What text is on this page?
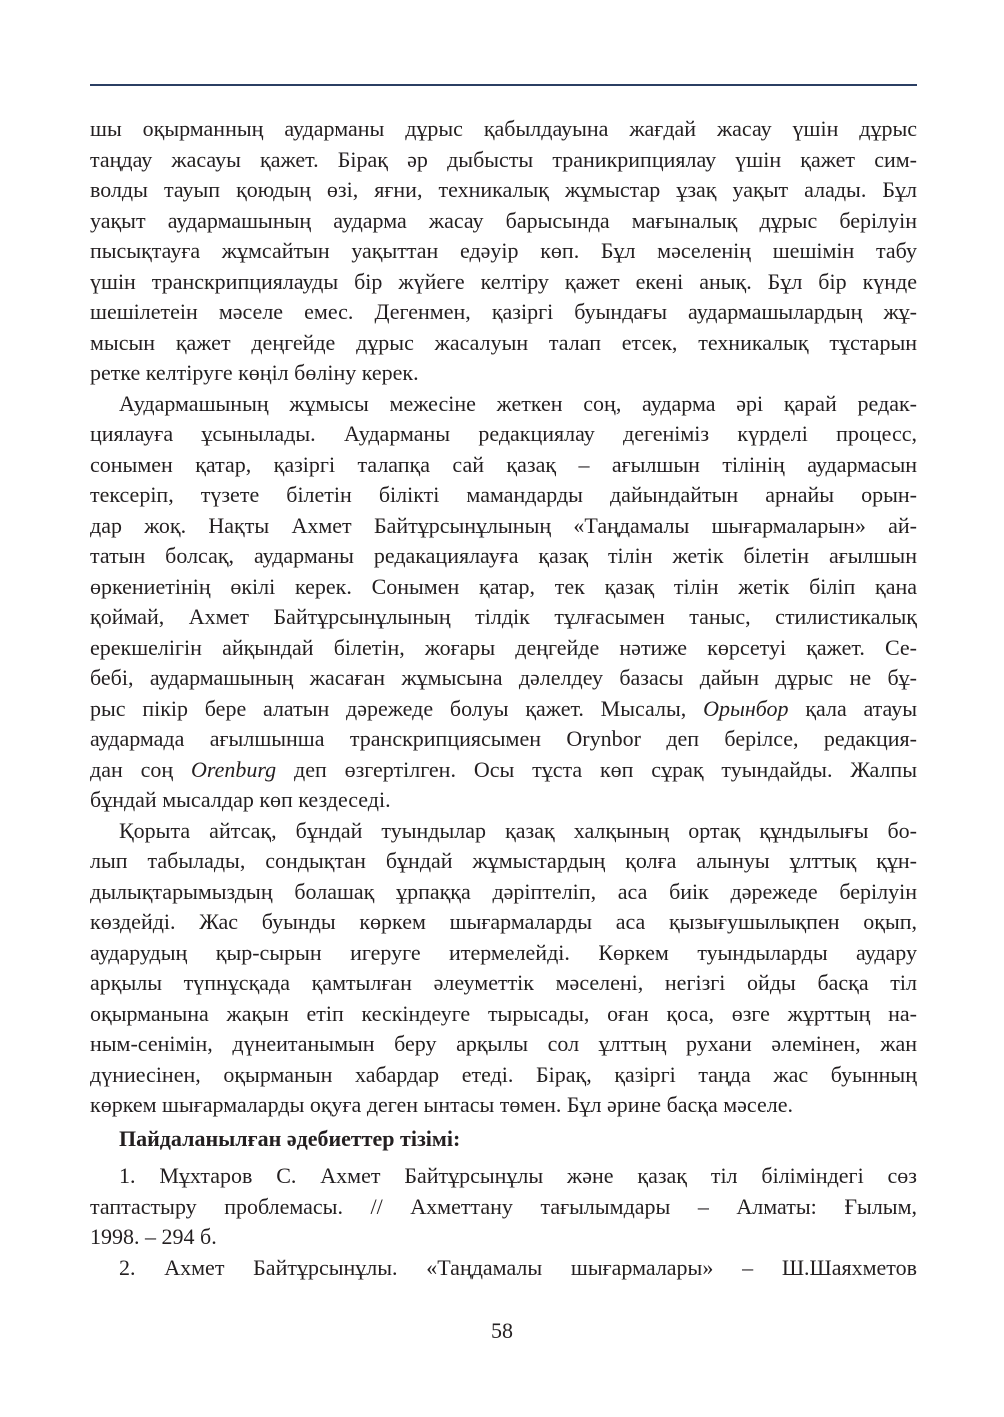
шы оқырманның аударманы дұрыс қабылдауына жағдай жасау үшін дұрыс
таңдау жасауы қажет. Бірақ әр дыбысты траникрипциялау үшін қажет сим-
волды тауып қоюдың өзі, яғни, техникалық жұмыстар ұзақ уақыт алады. Бұл
уақыт аудармашының аударма жасау барысында мағыналық дұрыс берілуін
пысықтауға жұмсайтын уақыттан едәуір көп. Бұл мәселенің шешімін табу
үшін транскрипциялауды бір жүйеге келтіру қажет екені анық. Бұл бір күнде
шешілетеін мәселе емес. Дегенмен, қазіргі буындағы аудармашылардың жұ-
мысын қажет деңгейде дұрыс жасалуын талап етсек, техникалық тұстарын
ретке келтіруге көңіл бөліну керек.

Аудармашының жұмысы межесіне жеткен соң, аударма әрі қарай редак-
циялауға ұсынылады. Аударманы редакциялау дегеніміз күрделі процесс,
сонымен қатар, қазіргі талапқа сай қазақ – ағылшын тілінің аудармасын
тексеріп, түзете білетін білікті мамандарды дайындайтын арнайы орын-
дар жоқ. Нақты Ахмет Байтұрсынұлының «Таңдамалы шығармаларын» ай-
татын болсақ, аударманы редакациялауға қазақ тілін жетік білетін ағылшын
өркениетінің өкілі керек. Сонымен қатар, тек қазақ тілін жетік біліп қана
қоймай, Ахмет Байтұрсынұлының тілдік тұлғасымен таныс, стилистикалық
ерекшелігін айқындай білетін, жоғары деңгейде нәтиже көрсетуі қажет. Се-
бебі, аудармашының жасаған жұмысына дәлелдеу базасы дайын дұрыс не бұ-
рыс пікір бере алатын дәрежеде болуы қажет. Мысалы, Орынбор қала атауы
аудармада ағылшынша транскрипциясымен Orynbor деп берілсе, редакция-
дан соң Orenburg деп өзгертілген. Осы тұста көп сұрақ туындайды. Жалпы
бұндай мысалдар көп кездеседі.

Қорыта айтсақ, бұндай туындылар қазақ халқының ортақ құндылығы бо-
лып табылады, сондықтан бұндай жұмыстардың қолға алынуы ұлттық құн-
дылықтарымыздың болашақ ұрпаққа дәріптеліп, аса биік дәрежеде берілуін
көздейді. Жас буынды көркем шығармаларды аса қызығушылықпен оқып,
аударудың қыр-сырын игеруге итермелейді. Көркем туындыларды аудару
арқылы түпнұсқада қамтылған әлеуметтік мәселені, негізгі ойды басқа тіл
оқырманына жақын етіп кескіндеуге тырысады, оған қоса, өзге жұрттың на-
ным-сенімін, дүнеитанымын беру арқылы сол ұлттың рухани әлемінен, жан
дүниесінен, оқырманын хабардар етеді. Бірақ, қазіргі таңда жас буынның
көркем шығармаларды оқуға деген ынтасы төмен. Бұл әрине басқа мәселе.

Пайдаланылған әдебиеттер тізімі:
1. Мұхтаров С. Ахмет Байтұрсынұлы және қазақ тіл біліміндегі сөз
таптастыру проблемасы. // Ахметтану тағылымдары – Алматы: Ғылым,
1998. – 294 б.
2. Ахмет Байтұрсынұлы. «Таңдамалы шығармалары» – Ш.Шаяхметов
58
